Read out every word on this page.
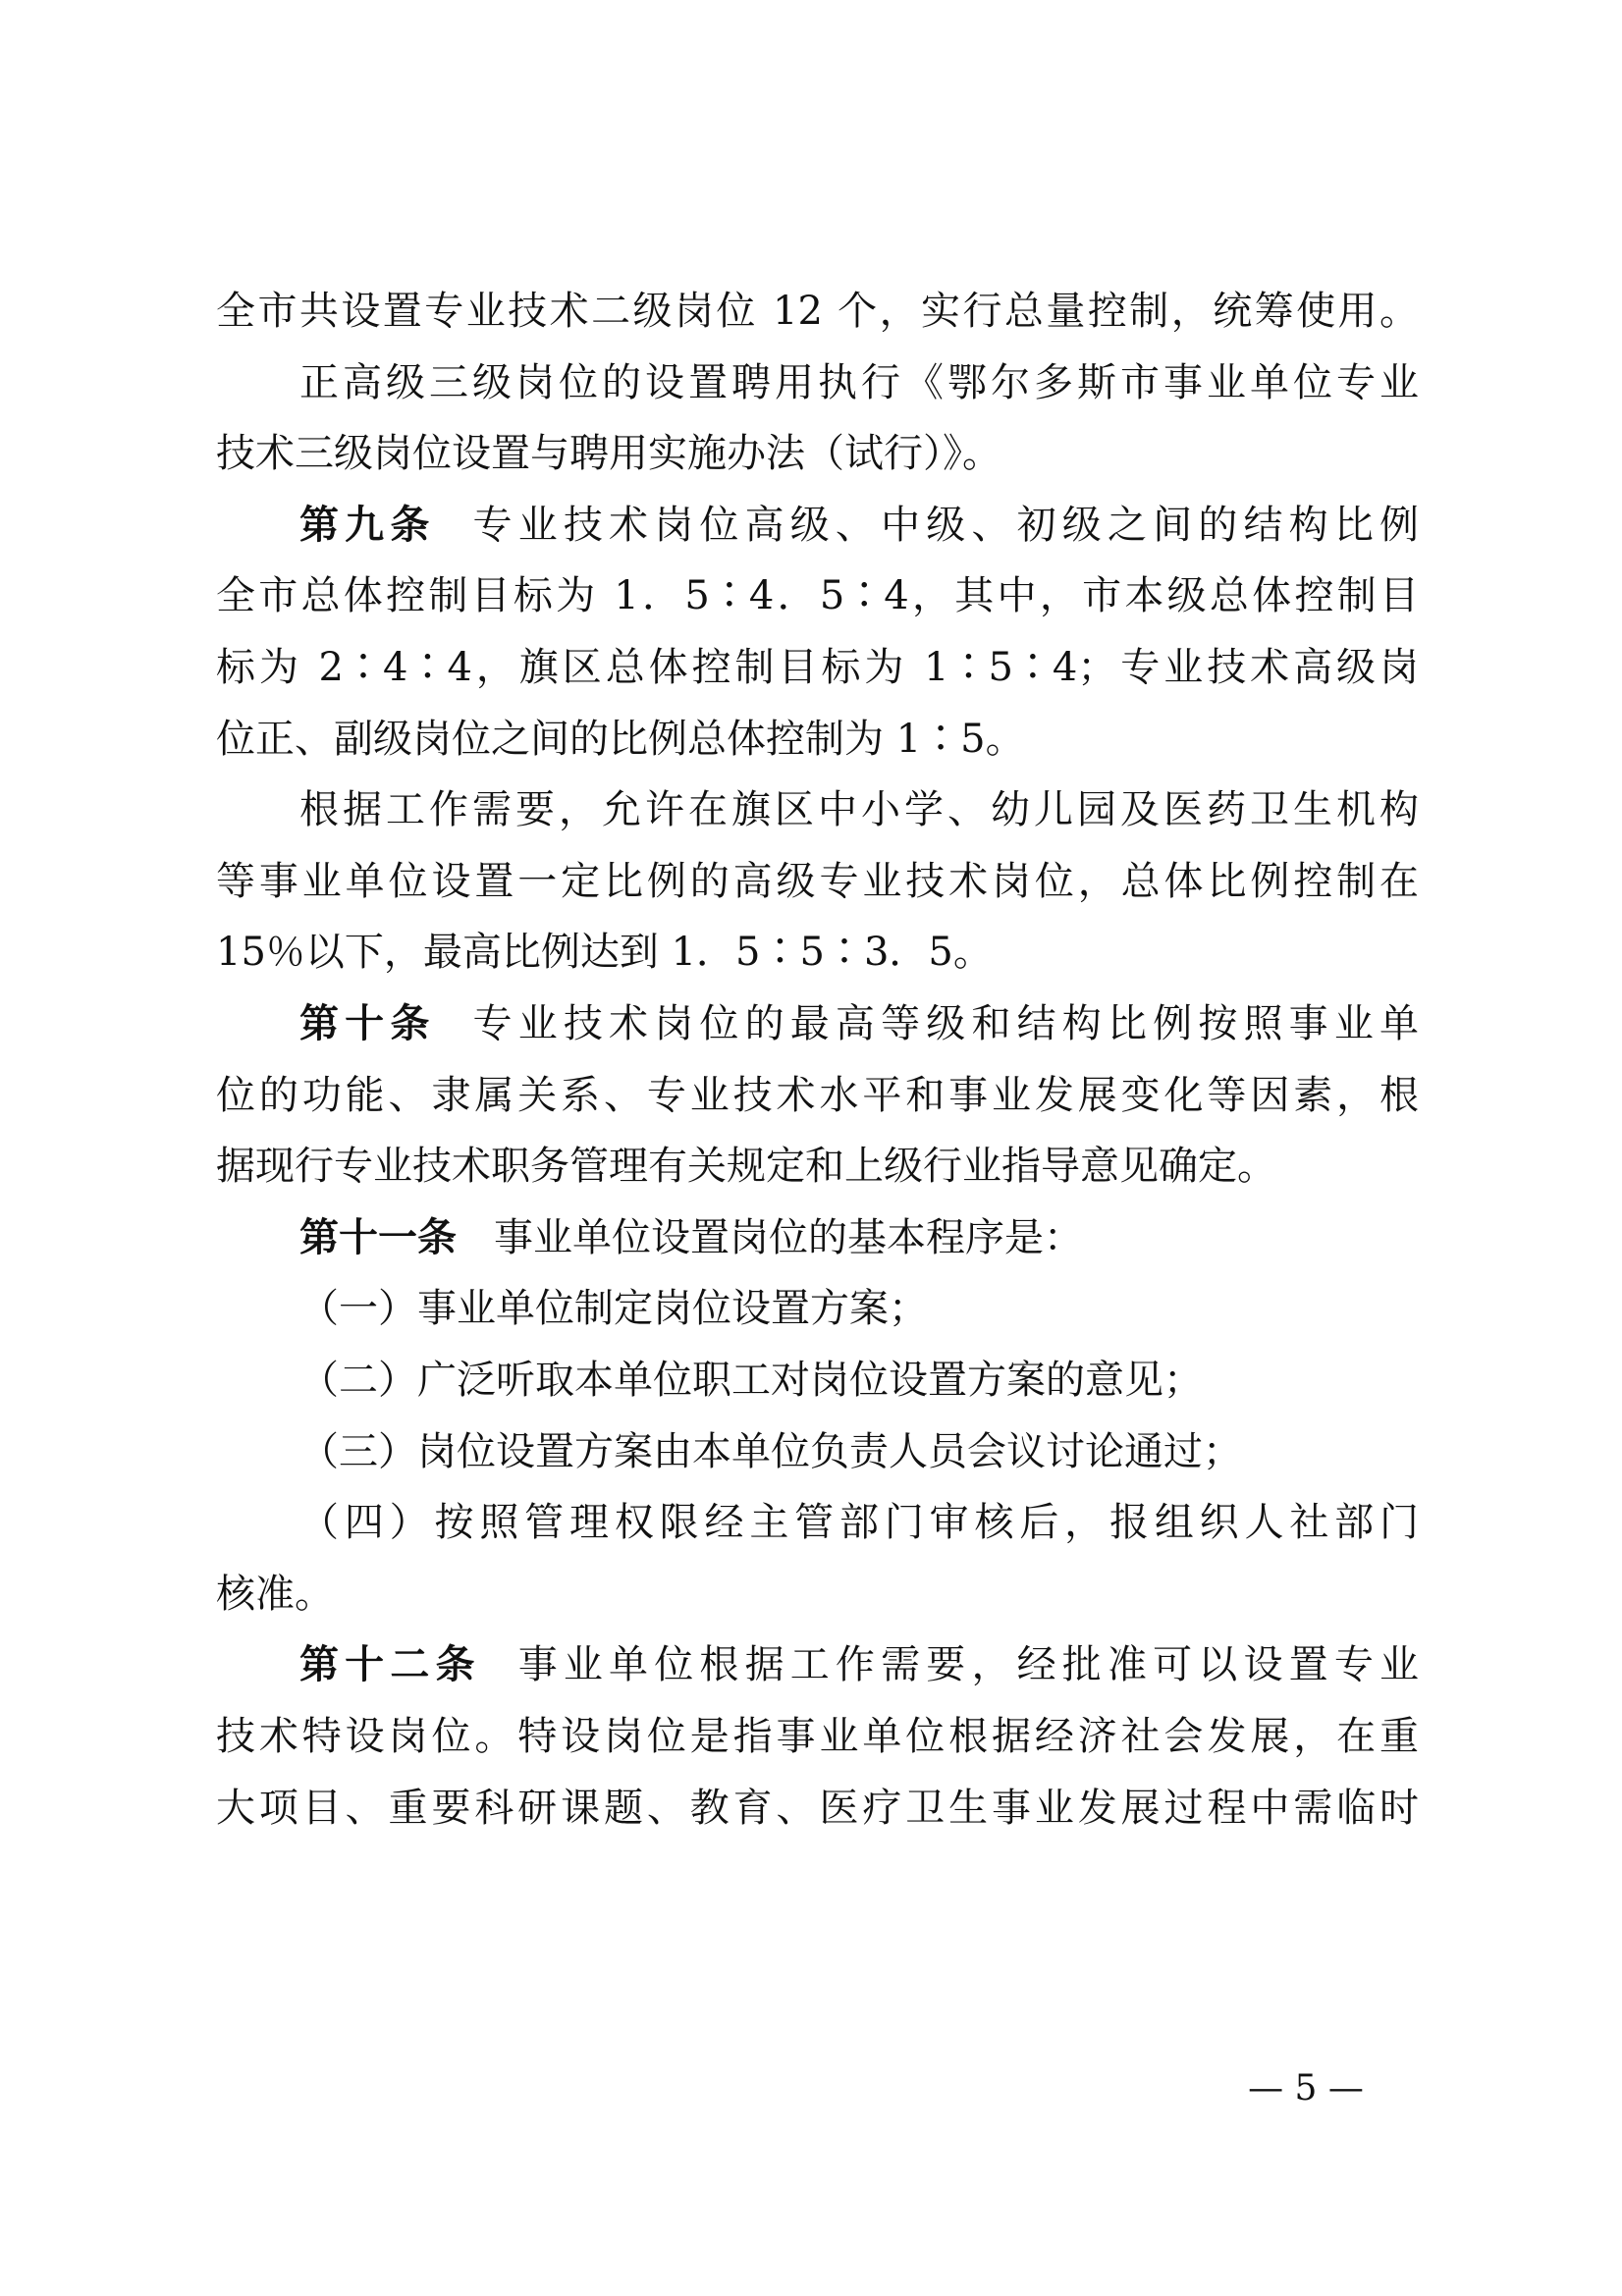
全市共设置专业技术二级岗位 12 个，实行总量控制，统筹使用。

正高级三级岗位的设置聘用执行《鄂尔多斯市事业单位专业

技术三级岗位设置与聘用实施办法（试行）》。

第九条 专业技术岗位高级、中级、初级之间的结构比例

全市总体控制目标为 1．5∶4．5∶4，其中，市本级总体控制目

标为 2∶4∶4，旗区总体控制目标为 1∶5∶4；专业技术高级岗

位正、副级岗位之间的比例总体控制为 1∶5。

根据工作需要，允许在旗区中小学、幼儿园及医药卫生机构

等事业单位设置一定比例的高级专业技术岗位，总体比例控制在

15％以下，最高比例达到 1．5∶5∶3．5。

第十条 专业技术岗位的最高等级和结构比例按照事业单

位的功能、隶属关系、专业技术水平和事业发展变化等因素，根

据现行专业技术职务管理有关规定和上级行业指导意见确定。

第十一条 事业单位设置岗位的基本程序是：

（一）事业单位制定岗位设置方案；

（二）广泛听取本单位职工对岗位设置方案的意见；

（三）岗位设置方案由本单位负责人员会议讨论通过；

（四）按照管理权限经主管部门审核后，报组织人社部门

核准。

第十二条 事业单位根据工作需要，经批准可以设置专业

技术特设岗位。特设岗位是指事业单位根据经济社会发展，在重

大项目、重要科研课题、教育、医疗卫生事业发展过程中需临时

— 5 —
